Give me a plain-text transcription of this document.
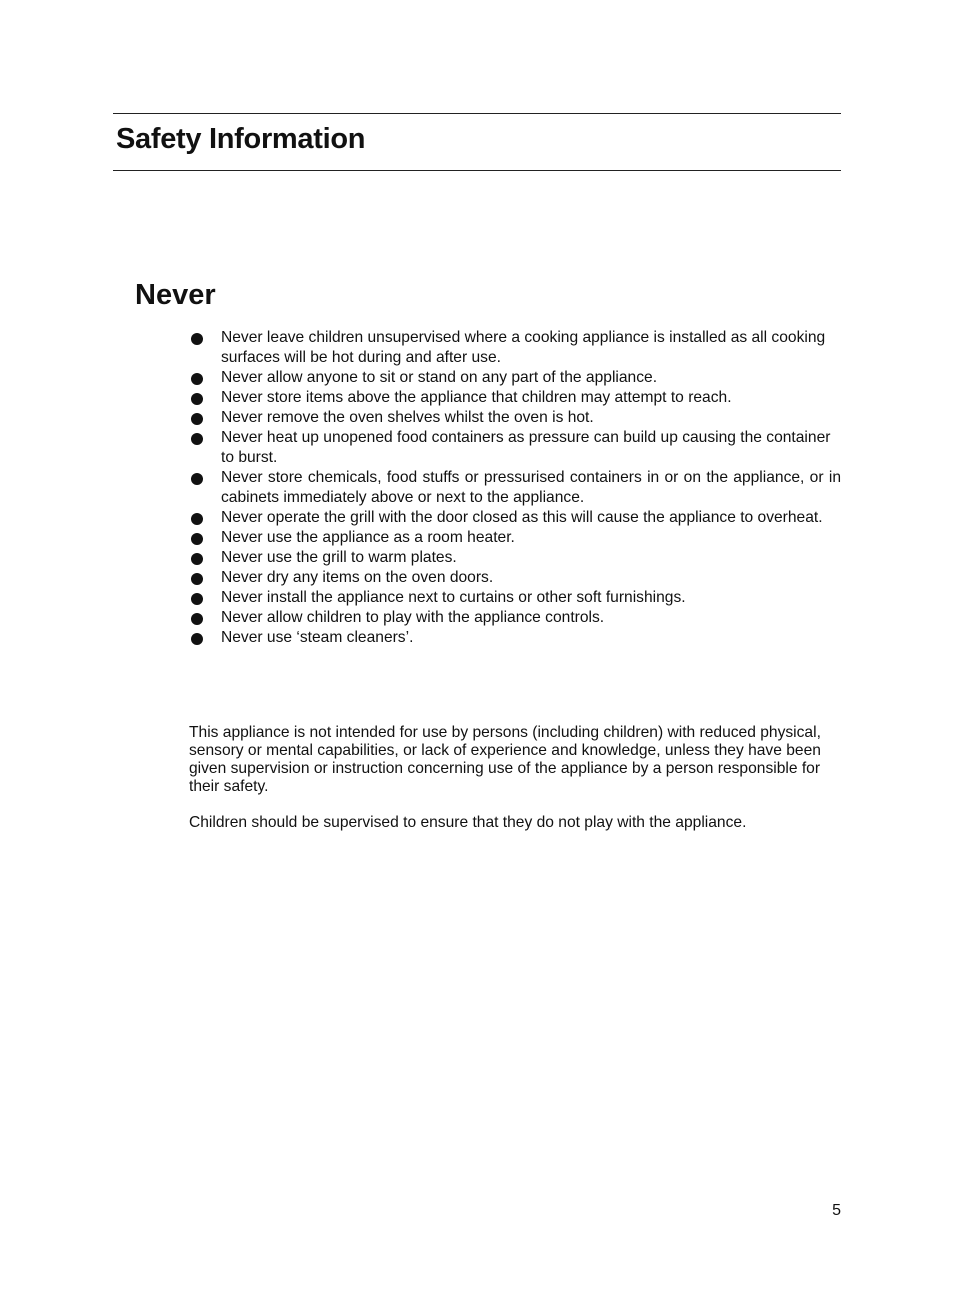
Safety Information
Never
Never leave children unsupervised where a cooking appliance is installed as all cooking surfaces will be hot during and after use.
Never allow anyone to sit or stand on any part of the appliance.
Never store items above the appliance that children may attempt to reach.
Never remove the oven shelves whilst the oven is hot.
Never heat up unopened food containers as pressure can build up causing the container to burst.
Never store chemicals, food stuffs or pressurised containers in or on the appliance, or in cabinets immediately above or next to the appliance.
Never operate the grill with the door closed as this will cause the appliance to overheat.
Never use the appliance as a room heater.
Never use the grill to warm plates.
Never dry any items on the oven doors.
Never install the appliance next to curtains or other soft furnishings.
Never allow children to play with the appliance controls.
Never use ‘steam cleaners’.

This appliance is not intended for use by persons (including children) with reduced physical, sensory or mental capabilities, or lack of experience and knowledge, unless they have been given supervision or instruction concerning use of the appliance by a person responsible for their safety.

Children should be supervised to ensure that they do not play with the appliance.

5
